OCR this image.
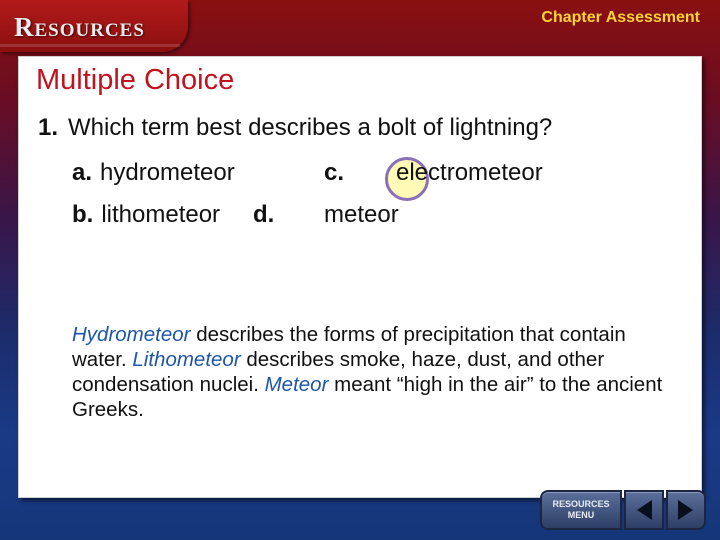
Resources	Chapter Assessment
Multiple Choice
1. Which term best describes a bolt of lightning?
a. hydrometeor
b. lithometeor
c. electrometeor
meteor
d.

Hydrometeor describes the forms of precipitation that contain water. Lithometeor describes smoke, haze, dust, and other condensation nuclei. Meteor meant “high in the air” to the ancient Greeks.

RESOURCES
MENU
